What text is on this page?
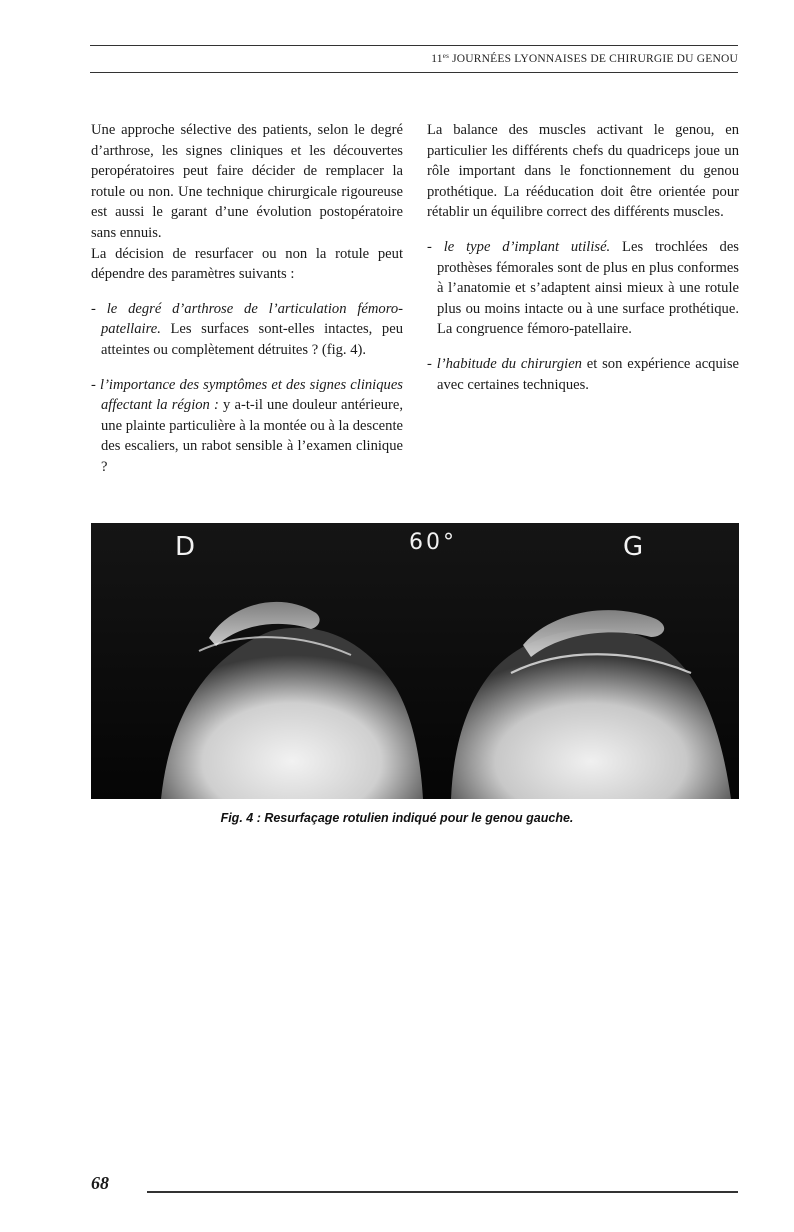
$11^{es}$ JOURNÉES LYONNAISES DE CHIRURGIE DU GENOU

Une approche sélective des patients, selon le degré d’arthrose, les signes cliniques et les découvertes peropératoires peut faire décider de remplacer la rotule ou non. Une technique chirurgicale rigoureuse est aussi le garant d’une évolution postopératoire sans ennuis.

La décision de resurfacer ou non la rotule peut dépendre des paramètres suivants :

- le degré d’arthrose de l’articulation fémoro-patellaire. Les surfaces sont-elles intactes, peu atteintes ou complètement détruites ? (fig. 4).

- l’importance des symptômes et des signes cliniques affectant la région : y a-t-il une douleur antérieure, une plainte particulière à la montée ou à la descente des escaliers, un rabot sensible à l’examen clinique ?

La balance des muscles activant le genou, en particulier les différents chefs du quadriceps joue un rôle important dans le fonctionnement du genou prothétique. La rééducation doit être orientée pour rétablir un équilibre correct des différents muscles.

- le type d’implant utilisé. Les trochlées des prothèses fémorales sont de plus en plus conformes à l’anatomie et s’adaptent ainsi mieux à une rotule plus ou moins intacte ou à une surface prothétique. La congruence fémoro-patellaire.

- l’habitude du chirurgien et son expérience acquise avec certaines techniques.

D	60°	G
Fig. 4 : Resurfaçage rotulien indiqué pour le genou gauche.
68
